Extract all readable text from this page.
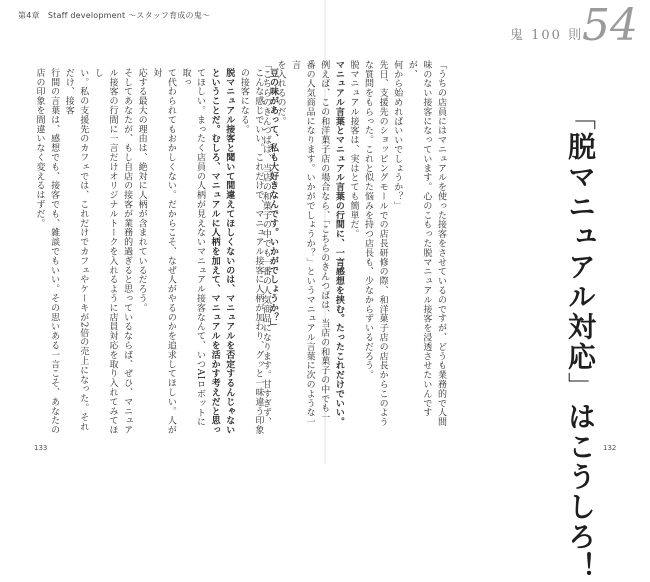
第4章　Staff development ～スタッフ育成の鬼～
鬼 100 則
54
「脱マニュアル対応」はこうしろ！
「うちの店員にはマニュアルを使った接客をさせているのですが、どうも業務的で人間
味のない接客になっています。心のこもった脱マニュアル接客を浸透させたいんですが、
何から始めればいいでしょうか？」
先日、支援先のショッピングモールでの店長研修の際、和洋菓子店の店長からこのよう
な質問をもらった。これと似た悩みを持つ店長も、少なからずいるだろう。
脱マニュアル接客は、実はとても簡単だ。
マニュアル言葉とマニュアル言葉の行間に、一言感想を挟む。たったこれだけでいい。
例えば、この和洋菓子店の場合なら、「こちらのきんつばは、当店の和菓子の中でも一
番の人気商品になります。いかがでしょうか？」というマニュアル言葉に次のような一言
を入れるのだ。
「こちらのきんつばは、当店の和菓子の中でも一番の人気商品になります。甘すぎず、
豆の味があって、私も大好きなんです。いかがでしょうか？」
こんな感じでいい。これだけで、マニュアル接客に人柄が加わり、グッと一味違う印象
の接客になる。
脱マニュアル接客と聞いて間違えてほしくないのは、マニュアルを否定するんじゃない
ということだ。むしろ、マニュアルに人柄を加えて、マニュアルを活かす考えだと思っ
てほしい。まったく店員の人柄が見えないマニュアル接客なんて、いつAIロボットに取っ
て代わられてもおかしくない。だからこそ、なぜ人がやるのかを追求してほしい。人が対
応する最大の理由は、絶対に人柄が含まれているだろう。
そしてあなたが、もし自店の接客が業務的過ぎると思っているならば、ぜひ、マニュア
ル接客の行間に一言だけオリジナルトークを入れるように店員対応を取り入れてみてほし
い。私の支援先のカフェでは、これだけでカフェやケーキが2倍の売上になった。それだけ、接客
行間の言葉は、感想でも、接客でも、雑談でもいい。その思いある一言こそ、あなたの
店の印象を間違いなく変えるはずだ。
133	132
